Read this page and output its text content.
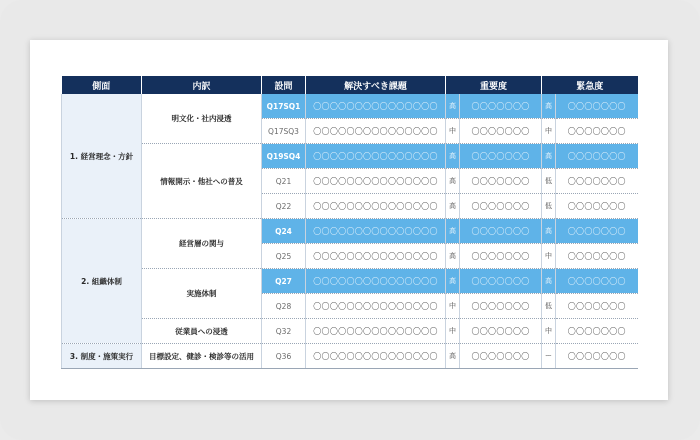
側面	内訳	設問	解決すべき課題	重要度		緊急度	
1. 経営理念・方針	明文化・社内浸透	Q17SQ1	〇〇〇〇〇〇〇〇〇〇〇〇〇〇〇	高	〇〇〇〇〇〇〇	高	〇〇〇〇〇〇〇
		Q17SQ3	〇〇〇〇〇〇〇〇〇〇〇〇〇〇〇	中	〇〇〇〇〇〇〇	中	〇〇〇〇〇〇〇
	情報開示・他社への普及	Q19SQ4	〇〇〇〇〇〇〇〇〇〇〇〇〇〇〇	高	〇〇〇〇〇〇〇	高	〇〇〇〇〇〇〇
		Q21	〇〇〇〇〇〇〇〇〇〇〇〇〇〇〇	高	〇〇〇〇〇〇〇	低	〇〇〇〇〇〇〇
		Q22	〇〇〇〇〇〇〇〇〇〇〇〇〇〇〇	高	〇〇〇〇〇〇〇	低	〇〇〇〇〇〇〇
2. 組織体制	経営層の関与	Q24	〇〇〇〇〇〇〇〇〇〇〇〇〇〇〇	高	〇〇〇〇〇〇〇	高	〇〇〇〇〇〇〇
		Q25	〇〇〇〇〇〇〇〇〇〇〇〇〇〇〇	高	〇〇〇〇〇〇〇	中	〇〇〇〇〇〇〇
	実施体制	Q27	〇〇〇〇〇〇〇〇〇〇〇〇〇〇〇	高	〇〇〇〇〇〇〇	高	〇〇〇〇〇〇〇
		Q28	〇〇〇〇〇〇〇〇〇〇〇〇〇〇〇	中	〇〇〇〇〇〇〇	低	〇〇〇〇〇〇〇
	従業員への浸透	Q32	〇〇〇〇〇〇〇〇〇〇〇〇〇〇〇	中	〇〇〇〇〇〇〇	中	〇〇〇〇〇〇〇
3. 制度・施策実行	目標設定、健診・検診等の活用	Q36	〇〇〇〇〇〇〇〇〇〇〇〇〇〇〇	高	〇〇〇〇〇〇〇	ー	〇〇〇〇〇〇〇
